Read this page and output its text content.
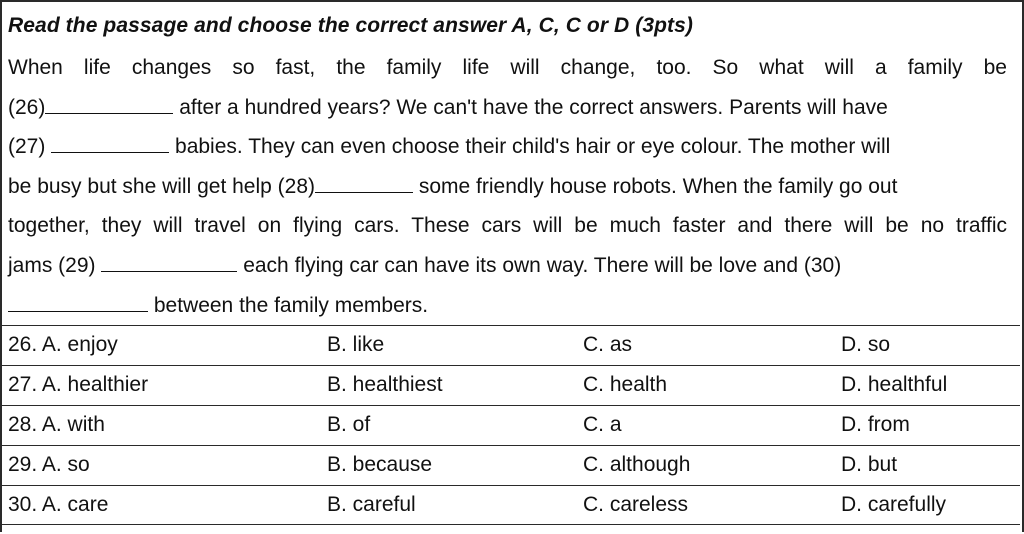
Read the passage and choose the correct answer A, C, C or D (3pts)
When life changes so fast, the family life will change, too. So what will a family be
(26)	after a hundred years? We can't have the correct answers. Parents will have
(27)	babies. They can even choose their child's hair or eye colour. The mother will
be busy but she will get help (28)	some friendly house robots. When the family go out
together, they will travel on flying cars. These cars will be much faster and there will be no traffic
jams (29)	each flying car can have its own way. There will be love and (30)
between the family members.
26. A. enjoy	B. like	C. as	D. so
27. A. healthier	B. healthiest	C. health	D. healthful
28. A. with	B. of	C. a	D. from
29. A. so	B. because	C. although	D. but
30. A. care	B. careful	C. careless	D. carefully
